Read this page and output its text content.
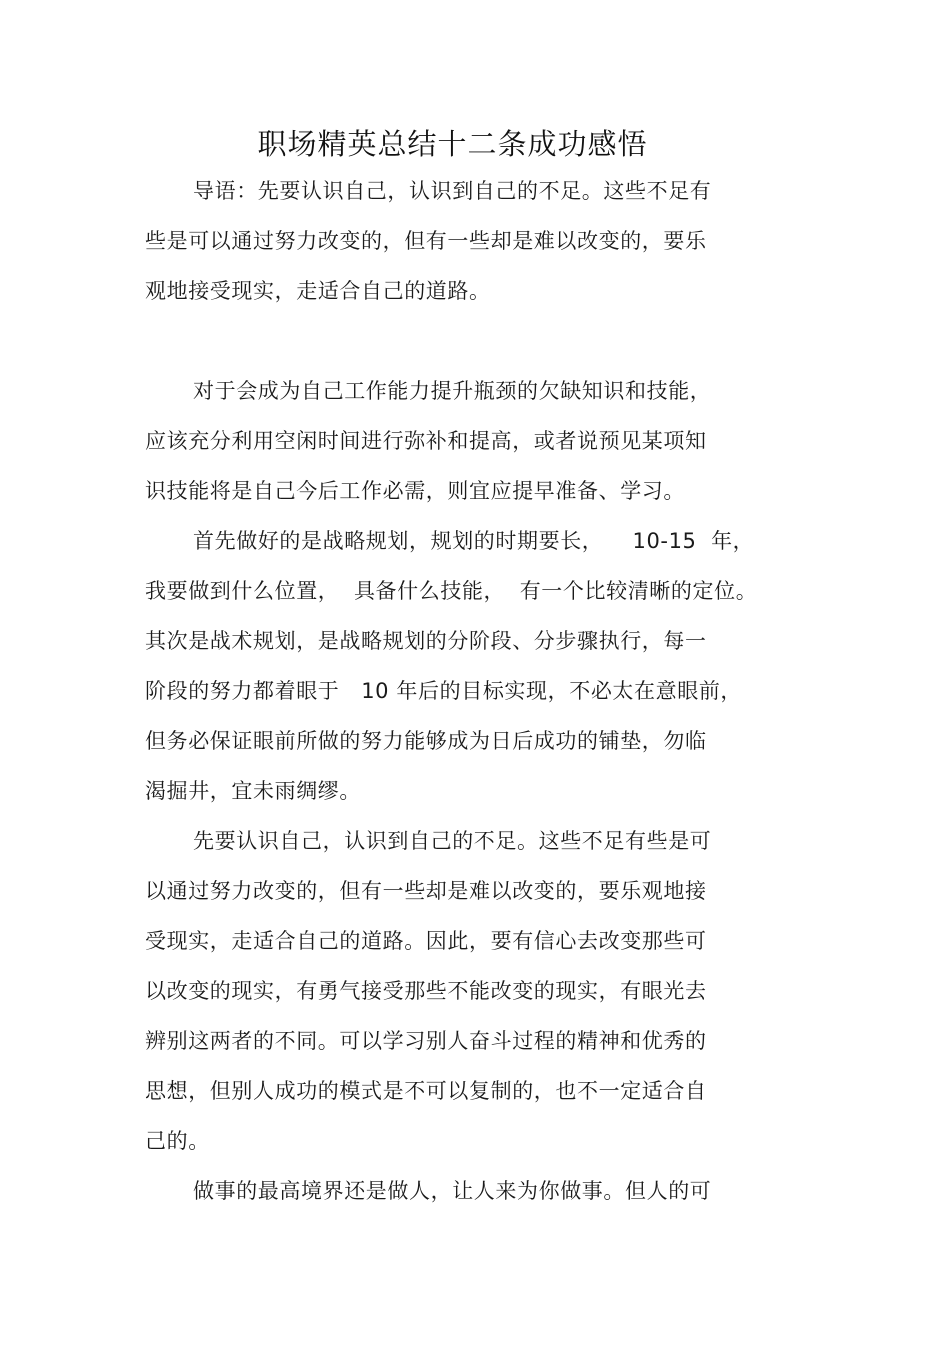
职场精英总结十二条成功感悟
导语：先要认识自己，认识到自己的不足。这些不足有
些是可以通过努力改变的，但有一些却是难以改变的，要乐
观地接受现实，走适合自己的道路。
对于会成为自己工作能力提升瓶颈的欠缺知识和技能，
应该充分利用空闲时间进行弥补和提高，或者说预见某项知
识技能将是自己今后工作必需，则宜应提早准备、学习。
首先做好的是战略规划，规划的时期要长，    10-15  年，
我要做到什么位置，  具备什么技能，  有一个比较清晰的定位。
其次是战术规划，是战略规划的分阶段、分步骤执行，每一
阶段的努力都着眼于   10 年后的目标实现，不必太在意眼前，
但务必保证眼前所做的努力能够成为日后成功的铺垫，勿临
渴掘井，宜未雨绸缪。
先要认识自己，认识到自己的不足。这些不足有些是可
以通过努力改变的，但有一些却是难以改变的，要乐观地接
受现实，走适合自己的道路。因此，要有信心去改变那些可
以改变的现实，有勇气接受那些不能改变的现实，有眼光去
辨别这两者的不同。可以学习别人奋斗过程的精神和优秀的
思想，但别人成功的模式是不可以复制的，也不一定适合自
己的。
做事的最高境界还是做人，让人来为你做事。但人的可
